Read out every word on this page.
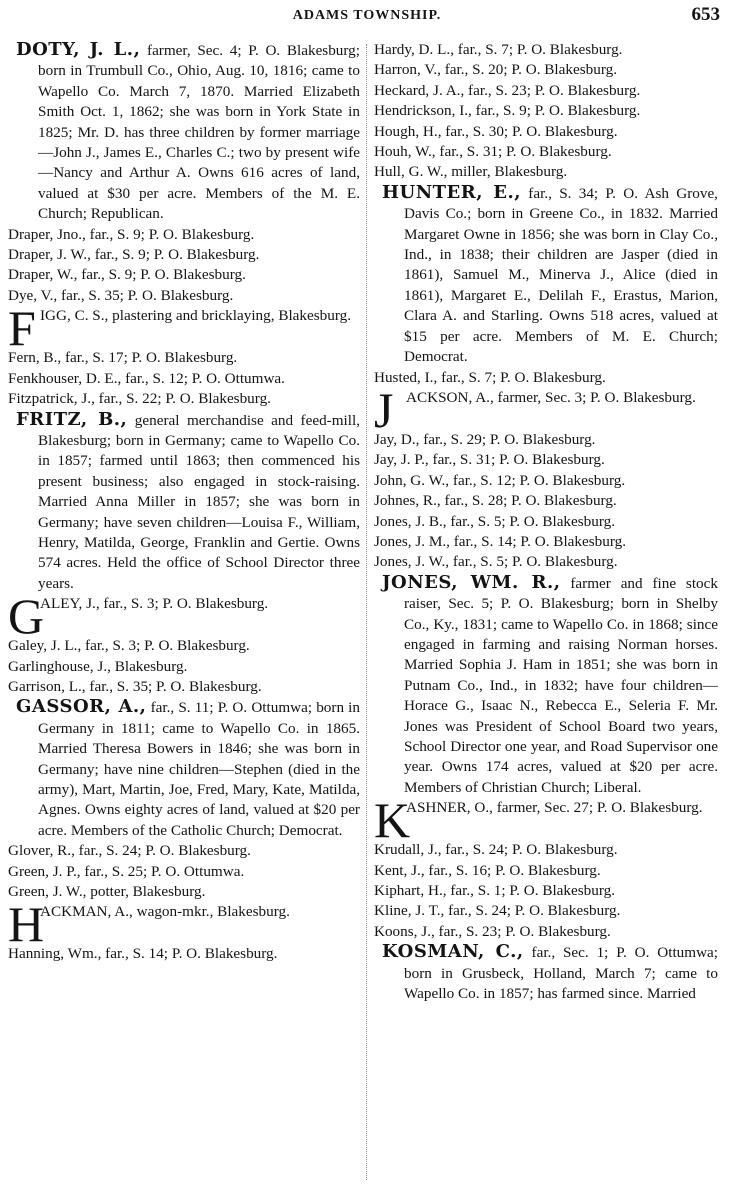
ADAMS TOWNSHIP.	653
DOTY, J. L., farmer, Sec. 4; P. O. Blakesburg; born in Trumbull Co., Ohio, Aug. 10, 1816; came to Wapello Co. March 7, 1870. Married Elizabeth Smith Oct. 1, 1862; she was born in York State in 1825; Mr. D. has three children by former marriage—John J., James E., Charles C.; two by present wife—Nancy and Arthur A. Owns 616 acres of land, valued at $30 per acre. Members of the M. E. Church; Republican.
Draper, Jno., far., S. 9; P. O. Blakesburg.
Draper, J. W., far., S. 9; P. O. Blakesburg.
Draper, W., far., S. 9; P. O. Blakesburg.
Dye, V., far., S. 35; P. O. Blakesburg.
F IGG, C. S., plastering and bricklaying, Blakesburg.
Fern, B., far., S. 17; P. O. Blakesburg.
Fenkhouser, D. E., far., S. 12; P. O. Ottumwa.
Fitzpatrick, J., far., S. 22; P. O. Blakesburg.
FRITZ, B., general merchandise and feed-mill, Blakesburg; born in Germany; came to Wapello Co. in 1857; farmed until 1863; then commenced his present business; also engaged in stock-raising. Married Anna Miller in 1857; she was born in Germany; have seven children—Louisa F., William, Henry, Matilda, George, Franklin and Gertie. Owns 574 acres. Held the office of School Director three years.
G
ALEY, J., far., S. 3; P. O. Blakesburg.
Galey, J. L., far., S. 3; P. O. Blakesburg.
Garlinghouse, J., Blakesburg.
Garrison, L., far., S. 35; P. O. Blakesburg.
GASSOR, A., far., S. 11; P. O. Ottumwa; born in Germany in 1811; came to Wapello Co. in 1865. Married Theresa Bowers in 1846; she was born in Germany; have nine children—Stephen (died in the army), Mart, Martin, Joe, Fred, Mary, Kate, Matilda, Agnes. Owns eighty acres of land, valued at $20 per acre. Members of the Catholic Church; Democrat.
Glover, R., far., S. 24; P. O. Blakesburg.
Green, J. P., far., S. 25; P. O. Ottumwa.
Green, J. W., potter, Blakesburg.
H
ACKMAN, A., wagon-mkr., Blakesburg.
Hanning, Wm., far., S. 14; P. O. Blakesburg.
Hardy, D. L., far., S. 7; P. O. Blakesburg.
Harron, V., far., S. 20; P. O. Blakesburg.
Heckard, J. A., far., S. 23; P. O. Blakesburg.
Hendrickson, I., far., S. 9; P. O. Blakesburg.
Hough, H., far., S. 30; P. O. Blakesburg.
Houh, W., far., S. 31; P. O. Blakesburg.
Hull, G. W., miller, Blakesburg.
HUNTER, E., far., S. 34; P. O. Ash Grove, Davis Co.; born in Greene Co., in 1832. Married Margaret Owne in 1856; she was born in Clay Co., Ind., in 1838; their children are Jasper (died in 1861), Samuel M., Minerva J., Alice (died in 1861), Margaret E., Delilah F., Erastus, Marion, Clara A. and Starling. Owns 518 acres, valued at $15 per acre. Members of M. E. Church; Democrat.
Husted, I., far., S. 7; P. O. Blakesburg.
J ACKSON, A., farmer, Sec. 3; P. O. Blakesburg.
Jay, D., far., S. 29; P. O. Blakesburg.
Jay, J. P., far., S. 31; P. O. Blakesburg.
John, G. W., far., S. 12; P. O. Blakesburg.
Johnes, R., far., S. 28; P. O. Blakesburg.
Jones, J. B., far., S. 5; P. O. Blakesburg.
Jones, J. M., far., S. 14; P. O. Blakesburg.
Jones, J. W., far., S. 5; P. O. Blakesburg.
JONES, WM. R., farmer and fine stock raiser, Sec. 5; P. O. Blakesburg; born in Shelby Co., Ky., 1831; came to Wapello Co. in 1868; since engaged in farming and raising Norman horses. Married Sophia J. Ham in 1851; she was born in Putnam Co., Ind., in 1832; have four children—Horace G., Isaac N., Rebecca E., Seleria F. Mr. Jones was President of School Board two years, School Director one year, and Road Supervisor one year. Owns 174 acres, valued at $20 per acre. Members of Christian Church; Liberal.
K
ASHNER, O., farmer, Sec. 27; P. O. Blakesburg.
Krudall, J., far., S. 24; P. O. Blakesburg.
Kent, J., far., S. 16; P. O. Blakesburg.
Kiphart, H., far., S. 1; P. O. Blakesburg.
Kline, J. T., far., S. 24; P. O. Blakesburg.
Koons, J., far., S. 23; P. O. Blakesburg.
KOSMAN, C., far., Sec. 1; P. O. Ottumwa; born in Grusbeck, Holland, March 7; came to Wapello Co. in 1857; has farmed since. Married
